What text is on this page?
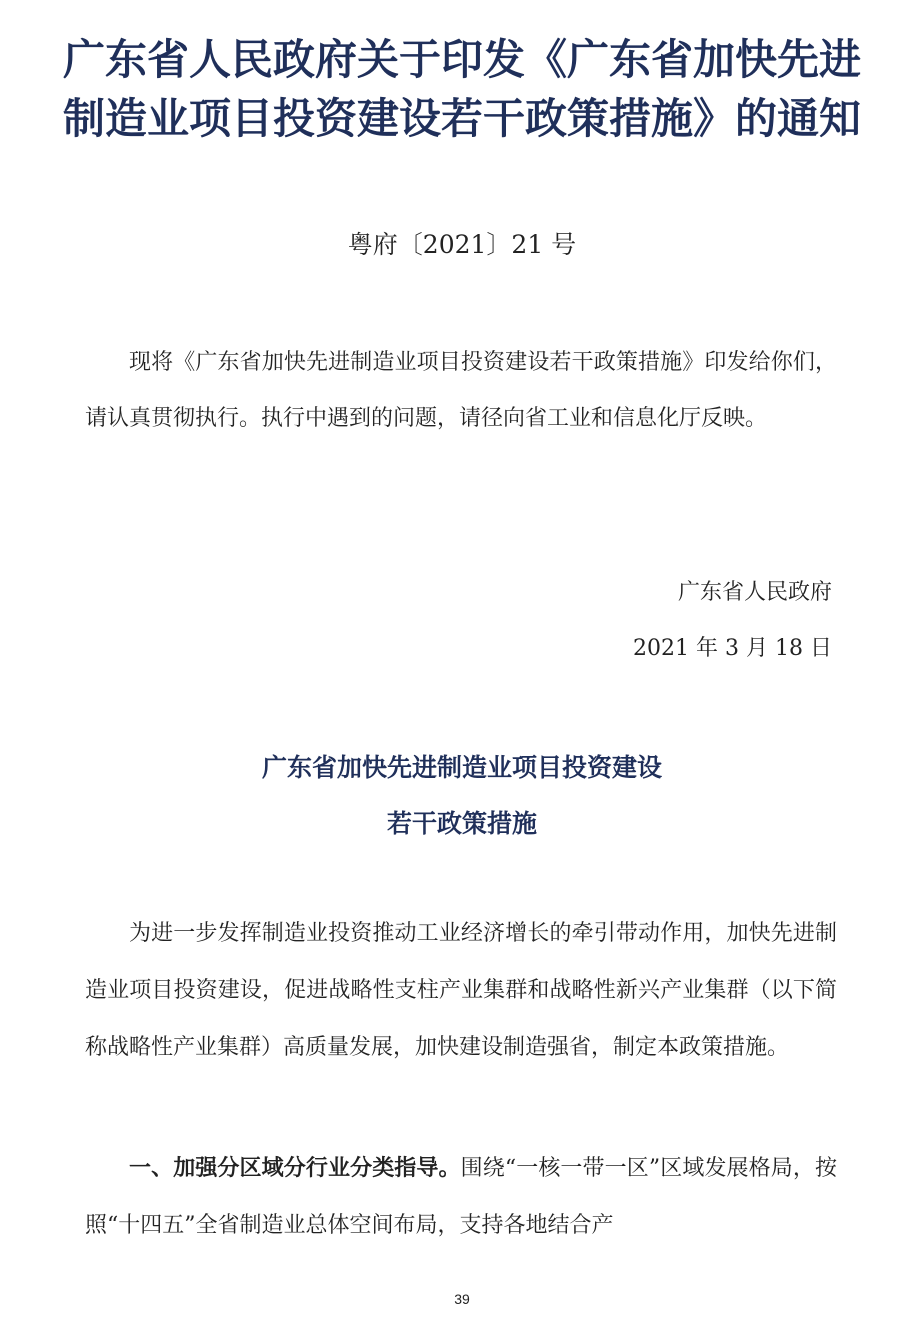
广东省人民政府关于印发《广东省加快先进制造业项目投资建设若干政策措施》的通知
粤府〔2021〕21 号

现将《广东省加快先进制造业项目投资建设若干政策措施》印发给你们，请认真贯彻执行。执行中遇到的问题，请径向省工业和信息化厅反映。

广东省人民政府
2021 年 3 月 18 日
广东省加快先进制造业项目投资建设
若干政策措施

为进一步发挥制造业投资推动工业经济增长的牵引带动作用，加快先进制造业项目投资建设，促进战略性支柱产业集群和战略性新兴产业集群（以下简称战略性产业集群）高质量发展，加快建设制造强省，制定本政策措施。

一、加强分区域分行业分类指导。围绕“一核一带一区”区域发展格局，按照“十四五”全省制造业总体空间布局，支持各地结合产

39
